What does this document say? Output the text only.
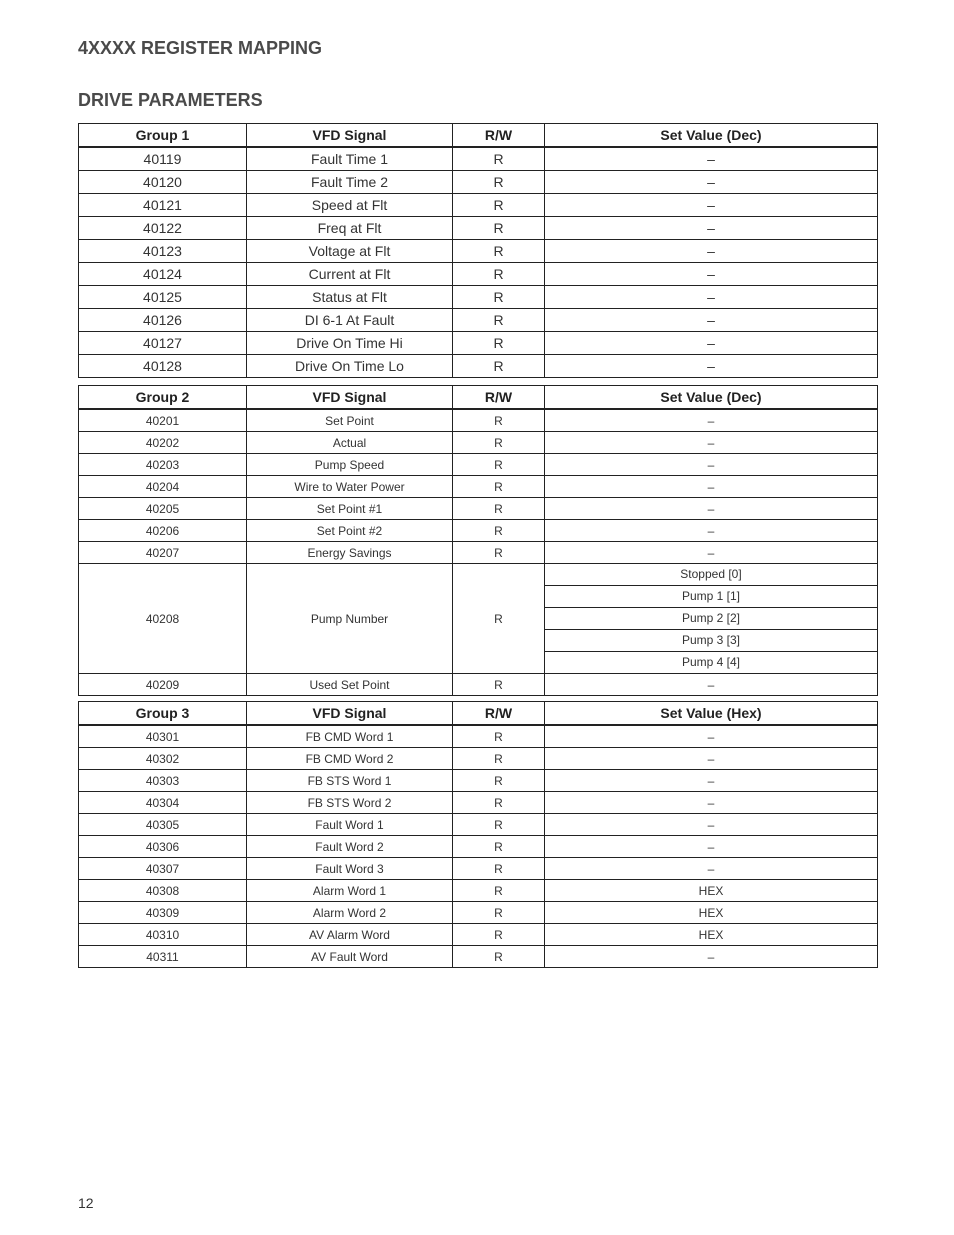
4XXXX REGISTER MAPPING
DRIVE PARAMETERS
Group 1	VFD Signal	R/W	Set Value (Dec)
40119	Fault Time 1	R	–
40120	Fault Time 2	R	–
40121	Speed at Flt	R	–
40122	Freq at Flt	R	–
40123	Voltage at Flt	R	–
40124	Current at Flt	R	–
40125	Status at Flt	R	–
40126	DI 6-1 At Fault	R	–
40127	Drive On Time Hi	R	–
40128	Drive On Time Lo	R	–
Group 2	VFD Signal	R/W	Set Value (Dec)
40201	Set Point	R	–
40202	Actual	R	–
40203	Pump Speed	R	–
40204	Wire to Water Power	R	–
40205	Set Point #1	R	–
40206	Set Point #2	R	–
40207	Energy Savings	R	–
40208	Pump Number	R	Stopped [0]
Pump 1 [1]
Pump 2 [2]
Pump 3 [3]
Pump 4 [4]

40209	Used Set Point	R	–
Group 3	VFD Signal	R/W	Set Value (Hex)
40301	FB CMD Word 1	R	–
40302	FB CMD Word 2	R	–
40303	FB STS Word 1	R	–
40304	FB STS Word 2	R	–
40305	Fault Word 1	R	–
40306	Fault Word 2	R	–
40307	Fault Word 3	R	–
40308	Alarm Word 1	R	HEX
40309	Alarm Word 2	R	HEX
40310	AV Alarm Word	R	HEX
40311	AV Fault Word	R	–
12
